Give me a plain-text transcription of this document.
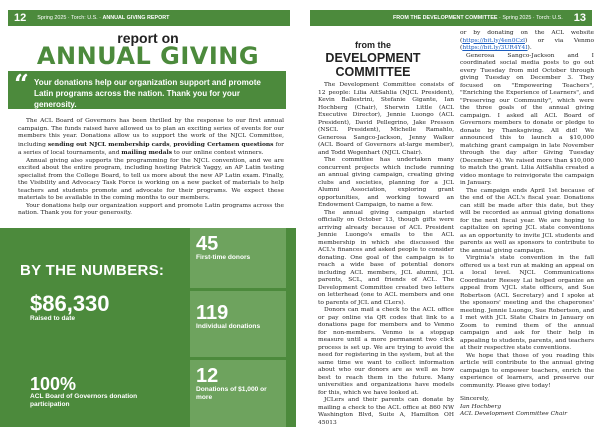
12	Spring 2025 · Torch: U.S. · ANNUAL GIVING REPORT
report on
ANNUAL GIVING
“ Your donations help our organization support and promote Latin programs across the nation. Thank you for your generosity.

The ACL Board of Governors has been thrilled by the response to our first annual campaign. The funds raised have allowed us to plan an exciting series of events for our members this year. Donations allow us to support the work of the NJCL Committee, including sending out NJCL membership cards, providing Certamen questions for a series of local tournaments, and mailing medals to our online contest winners.

Annual giving also supports the programming for the NJCL convention, and we are excited about the entire program, including hosting Patrick Yaggy, an AP Latin testing specialist from the College Board, to tell us more about the new AP Latin exam. Finally, the Visibility and Advocacy Task Force is working on a new packet of materials to help teachers and students promote and advocate for their programs. We expect these materials to be available in the coming months to our members.

Your donations help our organization support and promote Latin programs across the nation. Thank you for your generosity.

BY THE NUMBERS:
$86,330
Raised to date
100%
ACL Board of Governors donation participation
45
First-time donors
119
Individual donations
12
Donations of $1,000 or more
FROM THE DEVELOPMENT COMMITTEE · Spring 2025 · Torch: U.S.	13
from the
DEVELOPMENT COMMITTEE

The Development Committee consists of 12 people: Lilia AitSahlia (NJCL President), Kevin Ballestrini, Stefanie Gigante, Ian Hochberg (Chair), Sherwin Little (ACL Executive Director), Jennie Luongo (ACL President), David Pellegrino, Jake Presson (NSCL President), Michelle Ramahlo, Generosa Sangco-Jackson, Jenny Walker (ACL Board of Governors at-large member), and Todd Wegenhart (NJCL Chair).

The committee has undertaken many concurrent projects which include running an annual giving campaign, creating giving clubs and societies, planning for a JCL Alumni Association, exploring grant opportunities, and working toward an Endowment Campaign, to name a few.

The annual giving campaign started officially on October 13, though gifts were arriving already because of ACL President Jennie Luongo's emails to the ACL membership in which she discussed the ACL's finances and asked people to consider donating. One goal of the campaign is to reach a wide base of potential donors including ACL members, JCL alumni, JCL parents, SCL, and friends of ACL. The Development Committee created two letters on letterhead (one to ACL members and one to parents of JCL and CLers).

Donors can mail a check to the ACL office or pay online via QR codes that link to a donations page for members and to Venmo for non-members. Venmo is a stopgap measure until a more permanent two click process is set up. We are trying to avoid the need for registering in the system, but at the same time we want to collect information about who our donors are as well as how best to reach them in the future. Many universities and organizations have models for this, which we have looked at.

JCLers and their parents can donate by mailing a check to the ACL office at 860 NW Washington Blvd, Suite A, Hamilton OH 45013

or by donating on the ACL website (https://bit.ly/4en0Czl) or via Venmo (https://bit.ly/3UR4Y4I).

Generosa Sangco-Jackson and I coordinated social media posts to go out every Tuesday from mid October through giving Tuesday on December 3. They focused on "Empowering Teachers", "Enriching the Experience of Learners", and "Preserving our Community", which were the three goals of the annual giving campaign. I asked all ACL Board of Governors members to donate or pledge to donate by Thanksgiving. All did! We announced this to launch a $10,000 matching grant campaign in late November through the day after Giving Tuesday (December 4). We raised more than $10,000 to match the grant. Lilia AitSahlia created a video montage to reinvigorate the campaign in January.

The campaign ends April 1st because of the end of the ACL's fiscal year. Donations can still be made after this date, but they will be recorded as annual giving donations for the next fiscal year. We are hoping to capitalize on spring JCL state conventions as an opportunity to invite JCL students and parents as well as sponsors to contribute to the annual giving campaign.

Virginia's state convention in the fall offered us a test run at making an appeal on a local level. NJCL Communications Coordinator Reesey Lai helped organize an appeal from VJCL state officers, and Sue Robertson (ACL Secretary) and I spoke at the sponsors' meeting and the chaperones' meeting. Jennie Luongo, Sue Robertson, and I met with JCL State Chairs in January on Zoom to remind them of the annual campaign and ask for their help in appealing to students, parents, and teachers at their respective state conventions.

We hope that those of you reading this article will contribute to the annual giving campaign to empower teachers, enrich the experience of learners, and preserve our community. Please give today!

Sincerely,

Ian Hochberg

ACL Development Committee Chair
